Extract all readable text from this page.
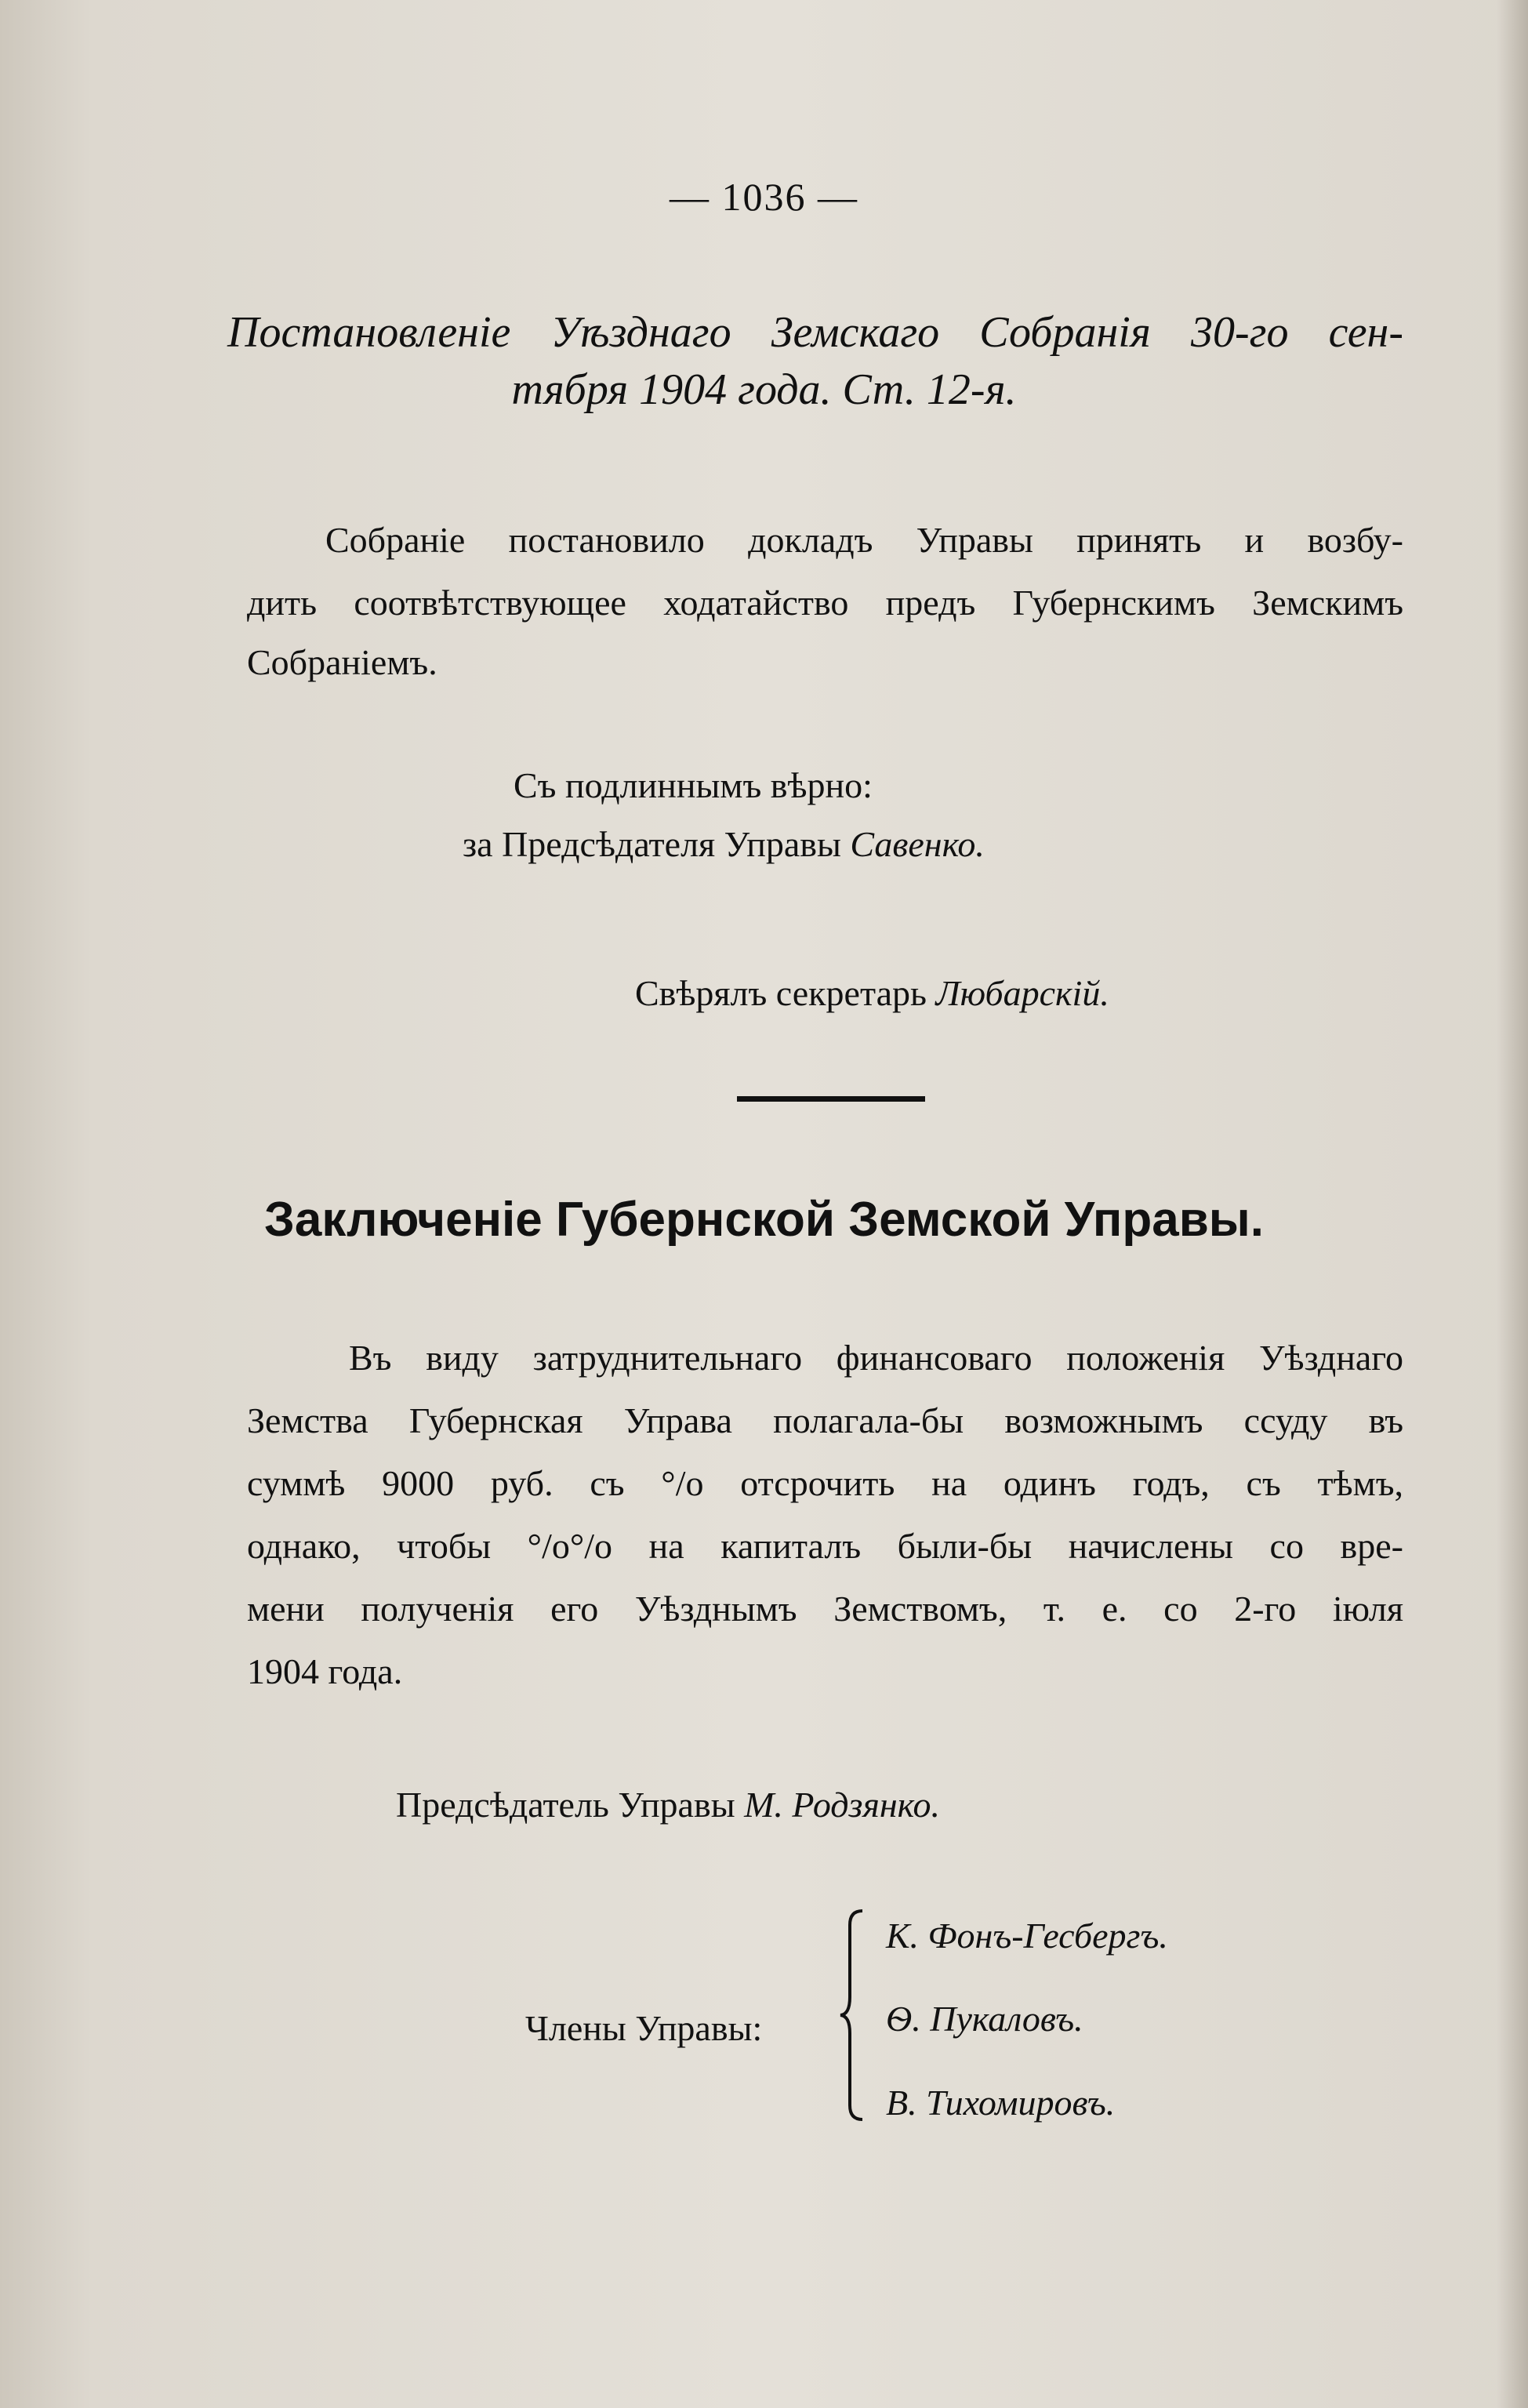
— 1036 —
Постановленіе Уѣзднаго Земскаго Собранія 30-го сен-
тября 1904 года. Ст. 12-я.
Собраніе постановило докладъ Управы принять и возбу-
дить соотвѣтствующее ходатайство предъ Губернскимъ Земскимъ
Собраніемъ.
Съ подлиннымъ вѣрно:
за Предсѣдателя Управы Савенко.
Свѣрялъ секретарь Любарскій.
Заключеніе Губернской Земской Управы.
Въ виду затруднительнаго финансоваго положенія Уѣзднаго
Земства Губернская Управа полагала-бы возможнымъ ссуду въ
суммѣ 9000 руб. съ °/о отсрочить на одинъ годъ, съ тѣмъ,
однако, чтобы °/о°/о на капиталъ были-бы начислены со вре-
мени полученія его Уѣзднымъ Земствомъ, т. е. со 2-го іюля
1904 года.
Предсѣдатель Управы М. Родзянко.
Члены Управы:
К. Фонъ-Гесбергъ.
Ѳ. Пукаловъ.
В. Тихомировъ.
